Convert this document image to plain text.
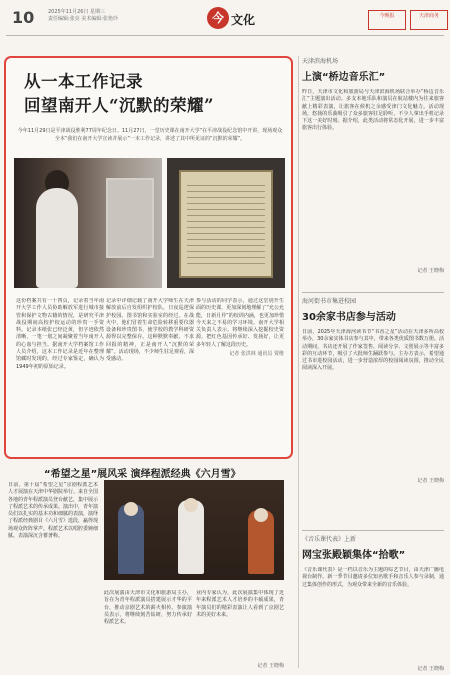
10	2025年11月26日 星期三
责任编辑:张亮 美术编辑:张艳玲	今 文化	今晚报	天津商务
从一本工作记录
回望南开人“沉默的荣耀”
今年11月29日是平津战役胜利77周年纪念日。11月27日，一堂历史课在南开大学“在平津战役纪念馆中开讲，现场观众全本“我们在南开大学宣读并展示”一本工作记录，讲述了其中所见证的“沉默的荣耀”。
这份档案共有一十四页，记录着当年南开大学工作人员协助解放军进行城市接管和保护文物古籍的情况，是研究平津战役期间高校护校运动的珍贵一手资料。记录本纸张已经泛黄，但字迹依然清晰，一笔一划之间凝聚着当年南开人的心血与担当。据南开大学档案馆工作人员介绍，这本工作记录是近年在整理馆藏时发现的，经过专家鉴定，确认为1949年初的原始记录。
记录中详细记载了南开大学师生在天津解放前后自发组织护校队，日夜巡逻保护校园、图书馆和实验室的经过。在战火中，他们冒着生命危险转移重要仪器设备和珍贵图书，使学校的教学科研资源得以完整保存。这种默默奉献、不求回报的精神，正是南开人“沉默的荣耀”。活动现场，不少师生驻足观看，深受感动。
参与活动的同学表示，通过这堂别开生面的历史课，更加深刻地理解了“允公允能，日新月异”的校训内涵，也更加珍惜今天来之不易的学习环境。南开大学相关负责人表示，将继续深入挖掘校史资源，把红色基因传承好、发扬好，让更多年轻人了解这段历史。
记者 张洪林 通讯员 贾维
天津滨海机场
上演“桥边音乐汇”
昨日，天津市文化和旅游局与天津滨海机场联合举办“桥边音乐汇”主题演出活动。多支本地乐队和演员在航站楼内为往来旅客献上精彩表演，让旅客在候机之余感受津门文化魅力。活动现场，悠扬的乐曲吸引了众多旅客驻足聆听，不少人拿出手机记录下这一美好时刻。据介绍，此类活动将常态化开展，进一步丰富旅客出行体验。
记者 王晓梅
海河街书市集进校园
30余家书店参与活动
日前，2025年天津海河读书节“书香之星”活动在天津多所高校举办，30余家实体书店参与其中，带来各类优质图书数万册。活动期间，书店还开展了作家签售、阅读分享、文创展示等丰富多彩的互动环节，吸引了大批师生踊跃参与。主办方表示，希望通过书市进校园活动，进一步营造浓厚的校园阅读氛围，推动全民阅读深入开展。
记者 王晓梅
《音乐课代表》上新
网宝张殿颖集体“拾歌”
《音乐课代表》是一档以音乐为主题的综艺节目，由天津广播电视台制作。新一季节目邀请多位知名歌手和音乐人参与录制，通过集体创作的形式，为观众带来全新的音乐体验。
记者 王晓梅
“希望之星”展风采 演绎程派经典《六月雪》
日前，第十届“希望之星”京剧程派艺术人才展演在天津中华剧院举行。来自全国各地的青年程派演员登台献艺，集中展示了程派艺术的传承成果。演出中，青年演员们以扎实的基本功和细腻的表演，演绎了程派经典剧目《六月雪》选段，赢得现场观众阵阵掌声。程派艺术以唱腔委婉细腻、表演深沉含蓄著称。
此次展演由天津市文化和旅游局主办，旨在为青年程派演员搭建展示才华的平台，推动京剧艺术的薪火相传。参演演员表示，将继续刻苦钻研，努力传承好程派艺术。
业内专家认为，此次展演集中体现了近年来程派艺术人才培养的丰硕成果，青年演员们的精彩表演让人看到了京剧艺术的美好未来。
记者 王晓梅
